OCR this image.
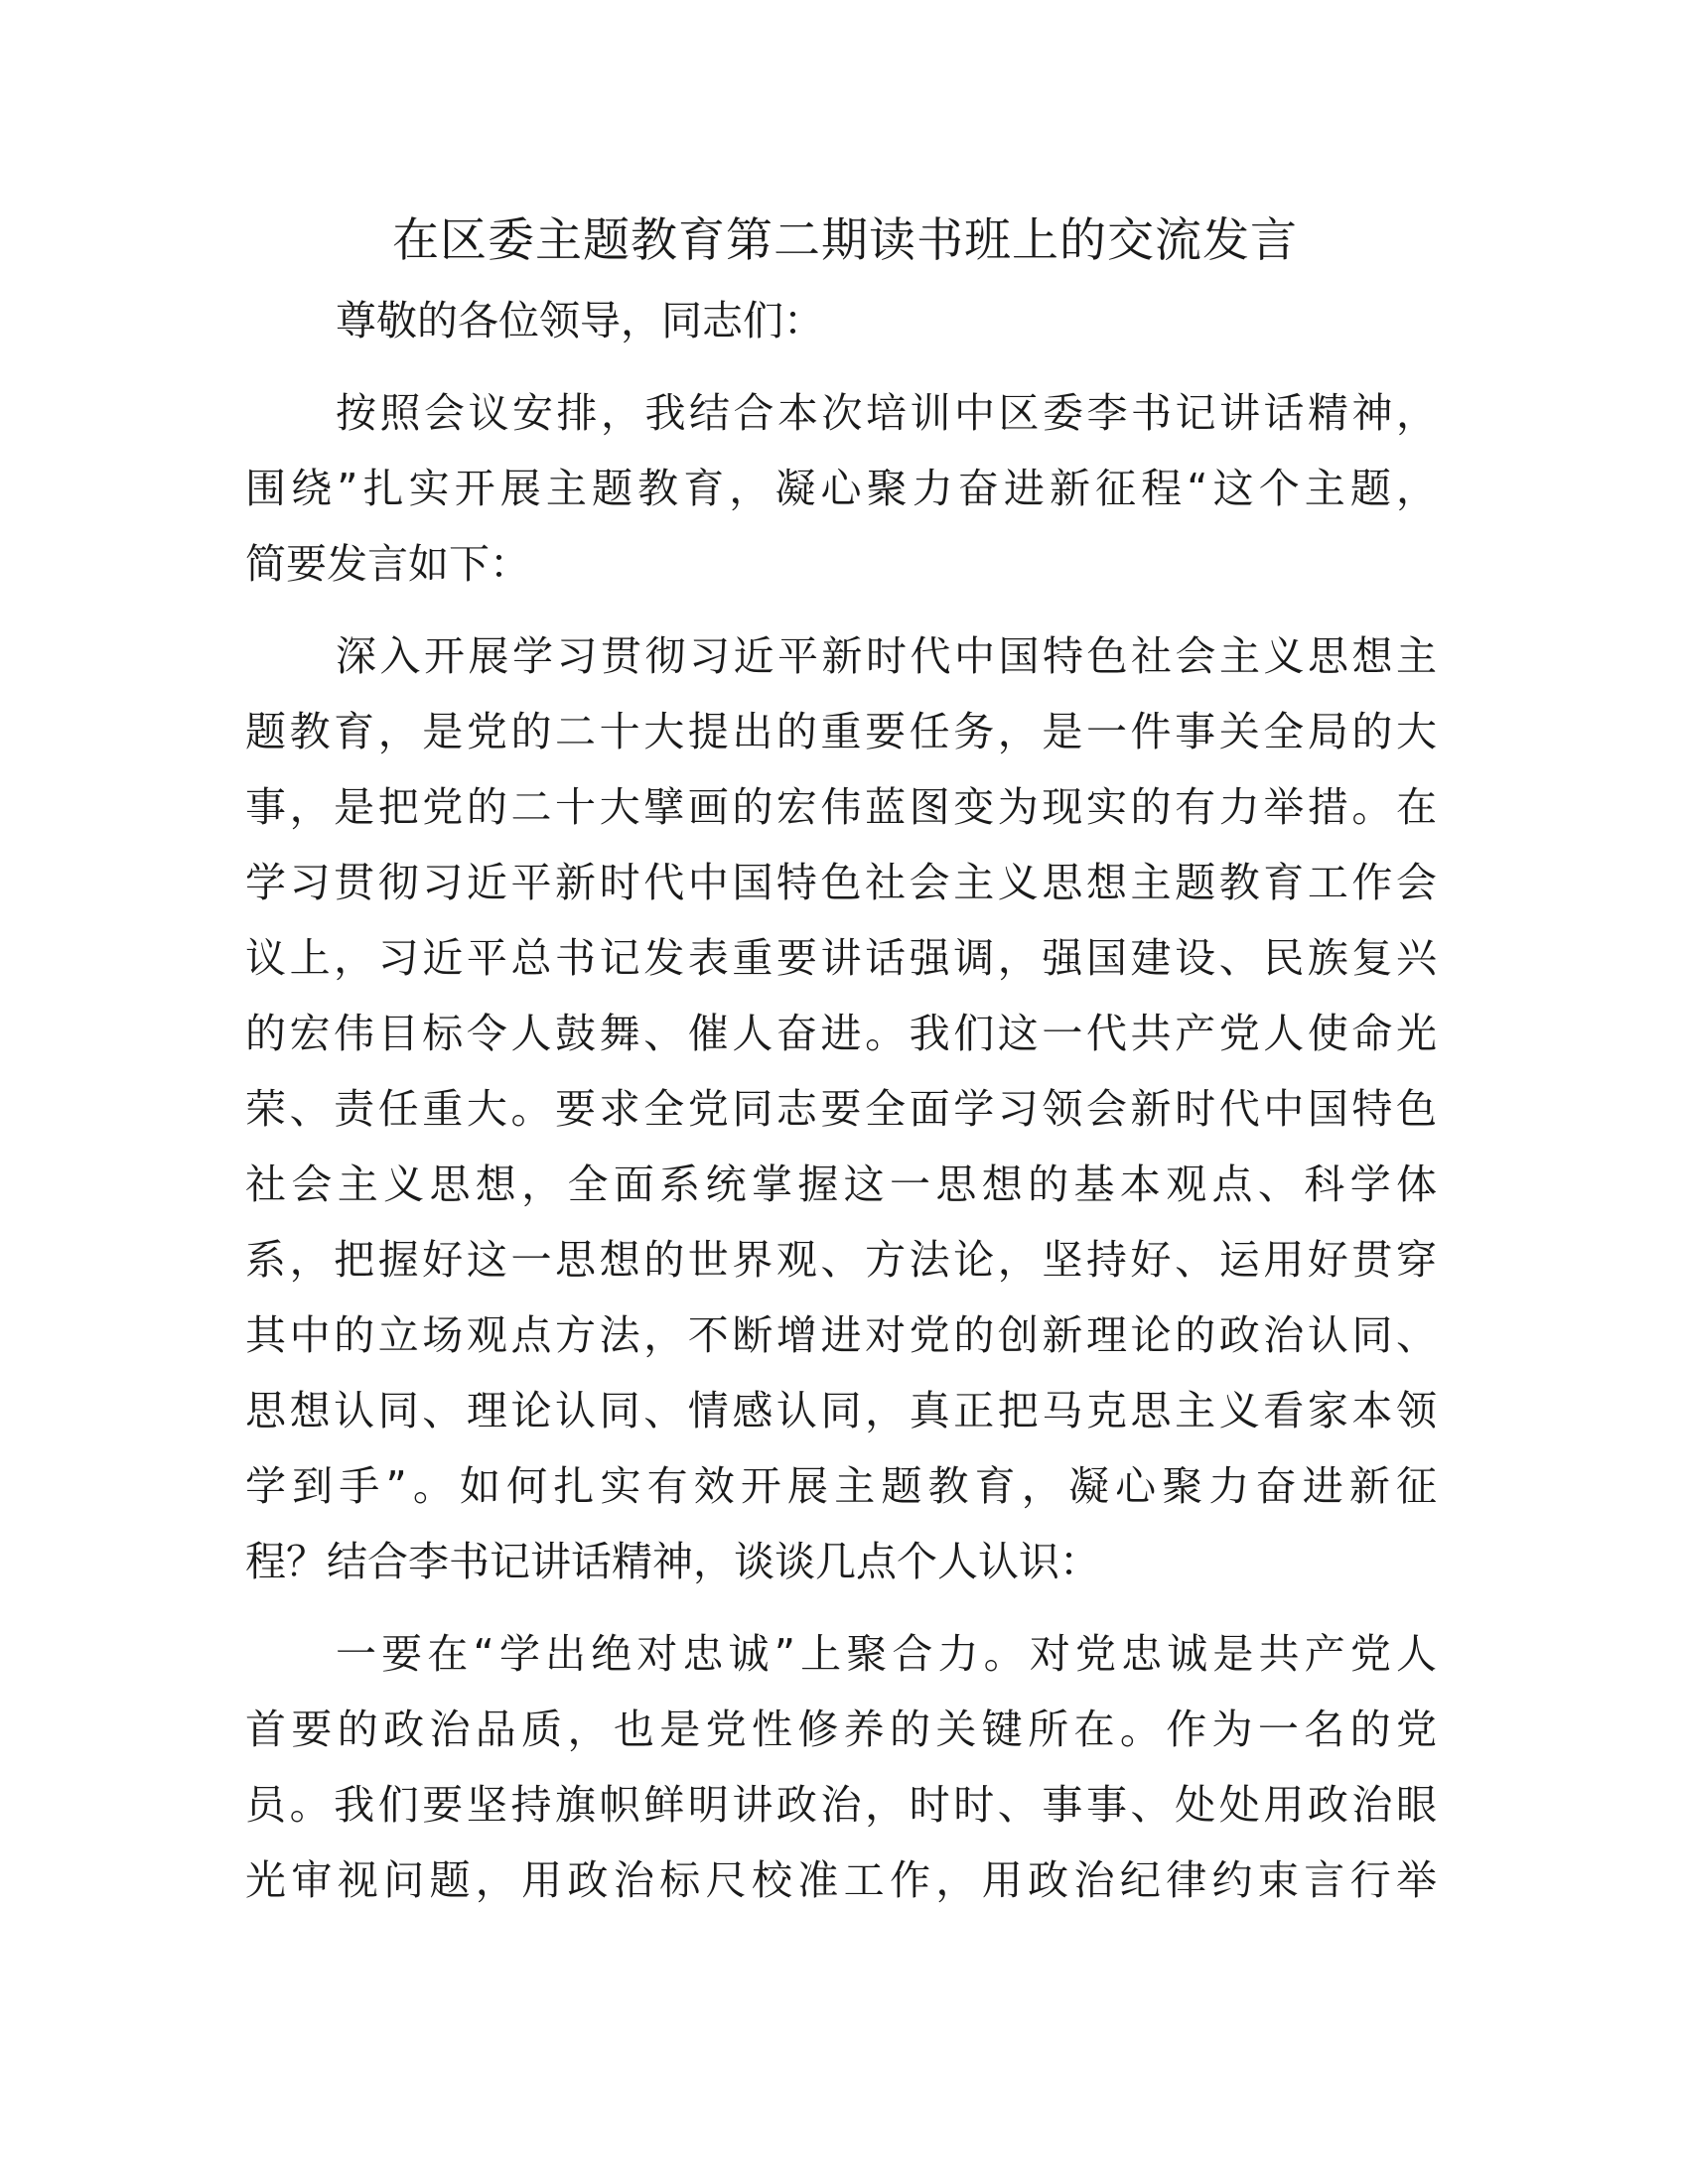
在区委主题教育第二期读书班上的交流发言

尊敬的各位领导，同志们：

按照会议安排，我结合本次培训中区委李书记讲话精神，
围绕”扎实开展主题教育，凝心聚力奋进新征程“这个主题，
简要发言如下：

深入开展学习贯彻习近平新时代中国特色社会主义思想主
题教育，是党的二十大提出的重要任务，是一件事关全局的大
事，是把党的二十大擘画的宏伟蓝图变为现实的有力举措。在
学习贯彻习近平新时代中国特色社会主义思想主题教育工作会
议上，习近平总书记发表重要讲话强调，强国建设、民族复兴
的宏伟目标令人鼓舞、催人奋进。我们这一代共产党人使命光
荣、责任重大。要求全党同志要全面学习领会新时代中国特色
社会主义思想，全面系统掌握这一思想的基本观点、科学体
系，把握好这一思想的世界观、方法论，坚持好、运用好贯穿
其中的立场观点方法，不断增进对党的创新理论的政治认同、
思想认同、理论认同、情感认同，真正把马克思主义看家本领
学到手”。如何扎实有效开展主题教育，凝心聚力奋进新征
程？结合李书记讲话精神，谈谈几点个人认识：

一要在“学出绝对忠诚”上聚合力。对党忠诚是共产党人
首要的政治品质，也是党性修养的关键所在。作为一名的党
员。我们要坚持旗帜鲜明讲政治，时时、事事、处处用政治眼
光审视问题，用政治标尺校准工作，用政治纪律约束言行举
